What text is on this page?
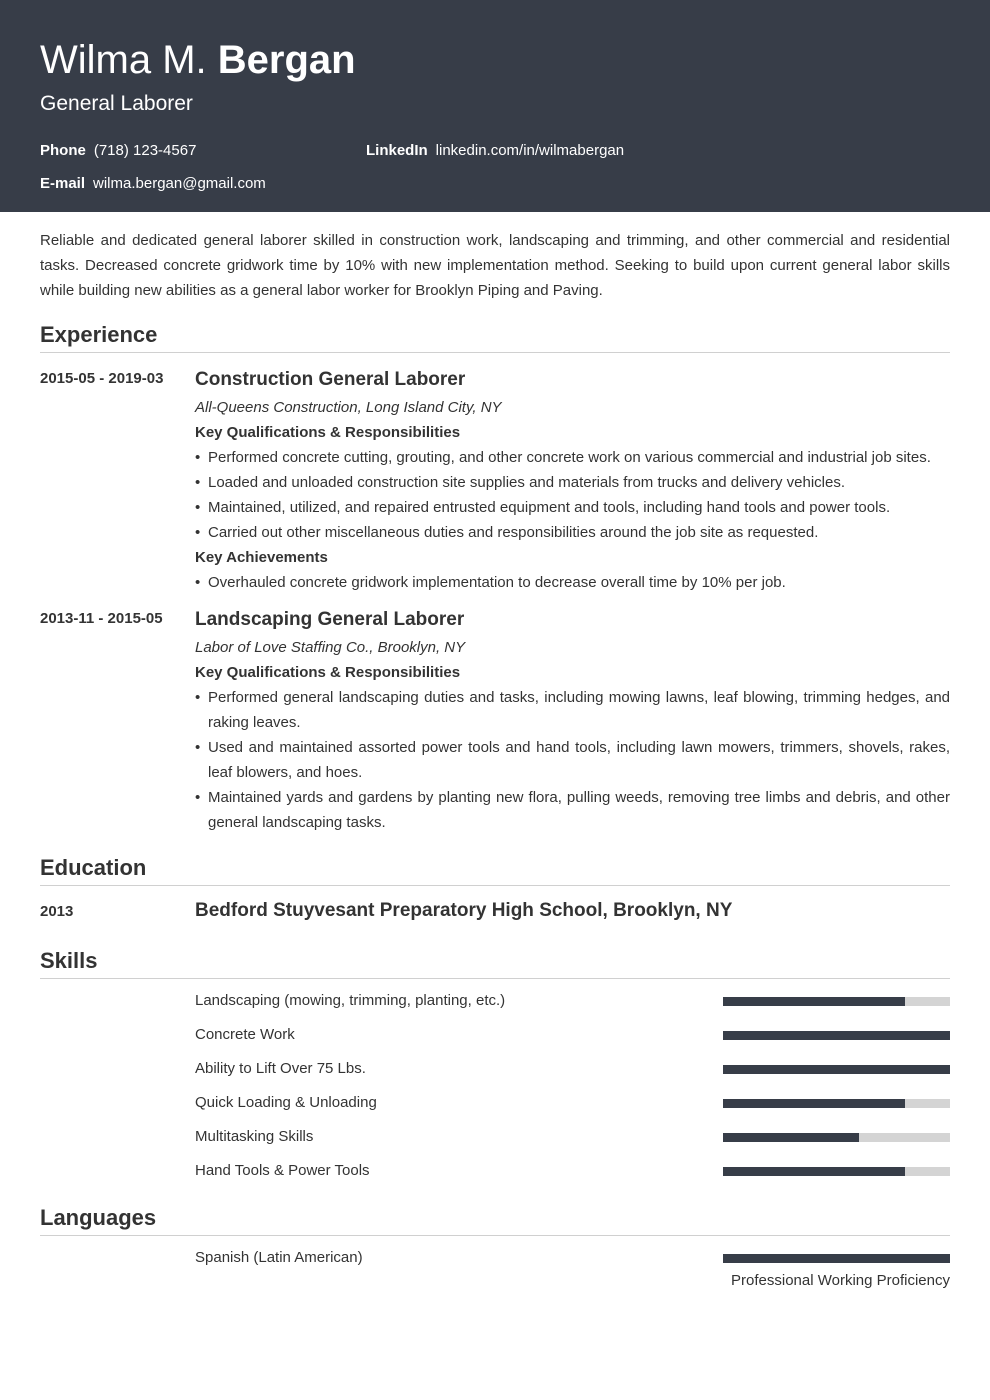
Wilma M. Bergan
General Laborer
Phone (718) 123-4567	LinkedIn linkedin.com/in/wilmabergan
E-mail wilma.bergan@gmail.com

Reliable and dedicated general laborer skilled in construction work, landscaping and trimming, and other commercial and residential tasks. Decreased concrete gridwork time by 10% with new implementation method. Seeking to build upon current general labor skills while building new abilities as a general labor worker for Brooklyn Piping and Paving.

Experience
2015-05 - 2019-03 Construction General Laborer
All-Queens Construction, Long Island City, NY
Key Qualifications & Responsibilities
• Performed concrete cutting, grouting, and other concrete work on various commercial and industrial job sites.
• Loaded and unloaded construction site supplies and materials from trucks and delivery vehicles.
• Maintained, utilized, and repaired entrusted equipment and tools, including hand tools and power tools.
• Carried out other miscellaneous duties and responsibilities around the job site as requested.
Key Achievements
• Overhauled concrete gridwork implementation to decrease overall time by 10% per job.
2013-11 - 2015-05 Landscaping General Laborer
Labor of Love Staffing Co., Brooklyn, NY
Key Qualifications & Responsibilities
• Performed general landscaping duties and tasks, including mowing lawns, leaf blowing, trimming hedges, and raking leaves.
• Used and maintained assorted power tools and hand tools, including lawn mowers, trimmers, shovels, rakes, leaf blowers, and hoes.
• Maintained yards and gardens by planting new flora, pulling weeds, removing tree limbs and debris, and other general landscaping tasks.
Education
2013	Bedford Stuyvesant Preparatory High School, Brooklyn, NY
Skills
Landscaping (mowing, trimming, planting, etc.)
Concrete Work
Ability to Lift Over 75 Lbs.
Quick Loading & Unloading
Multitasking Skills
Hand Tools & Power Tools
Languages
Spanish (Latin American)
Professional Working Proficiency
